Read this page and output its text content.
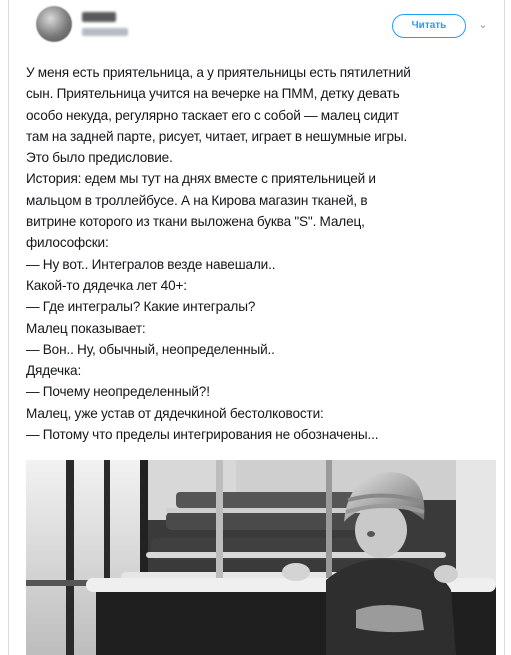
Читать	⌄
У меня есть приятельница, а у приятельницы есть пятилетний
сын. Приятельница учится на вечерке на ПММ, детку девать
особо некуда, регулярно таскает его с собой — малец сидит
там на задней парте, рисует, читает, играет в нешумные игры.
Это было предисловие.
История: едем мы тут на днях вместе с приятельницей и
мальцом в троллейбусе. А на Кирова магазин тканей, в
витрине которого из ткани выложена буква "S". Малец,
философски:
— Ну вот.. Интегралов везде навешали..
Какой-то дядечка лет 40+:
— Где интегралы? Какие интегралы?
Малец показывает:
— Вон.. Ну, обычный, неопределенный..
Дядечка:
— Почему неопределенный?!
Малец, уже устав от дядечкиной бестолковости:
— Потому что пределы интегрирования не обозначены...
